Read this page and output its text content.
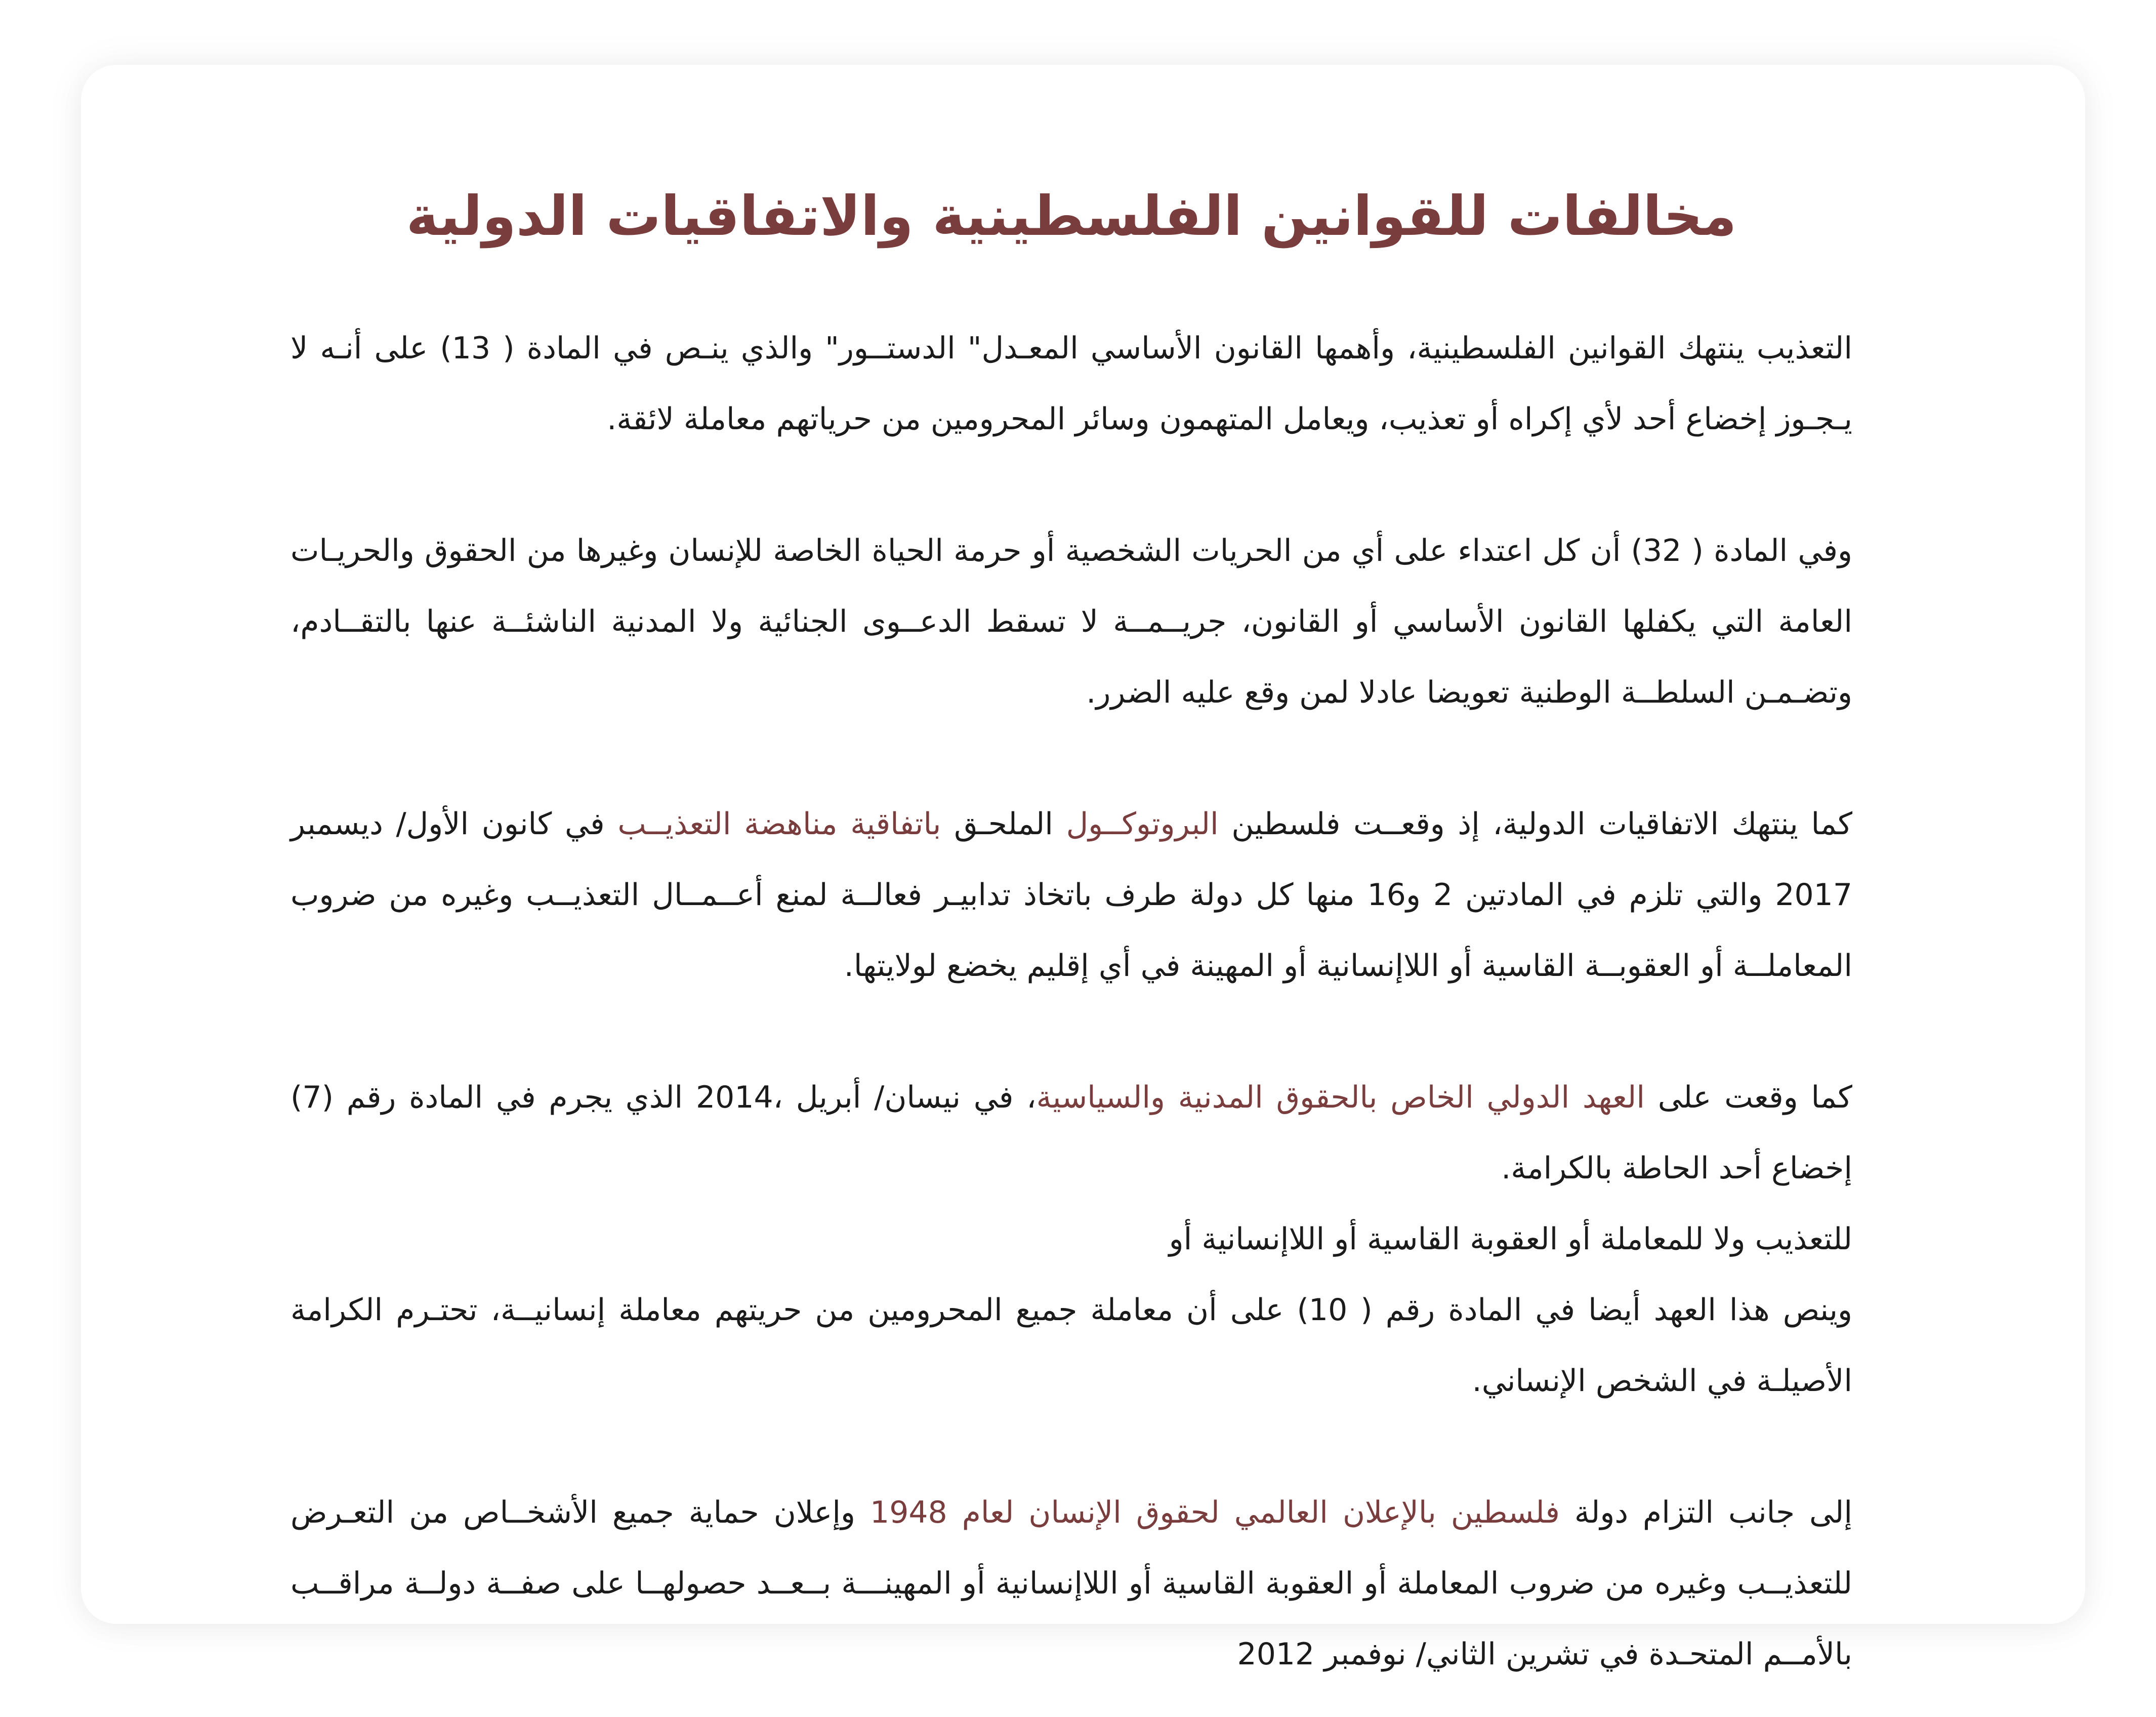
مخالفات للقوانين الفلسطينية والاتفاقيات الدولية

التعذيب ينتهك القوانين الفلسطينية، وأهمها القانون الأساسي المعـدل" الدستــور" والذي ينـص في المادة ( 13) على أنـه لا يـجـوز إخضاع أحد لأي إكراه أو تعذيب، ويعامل المتهمون وسائر المحرومين من حرياتهم معاملة لائقة.

وفي المادة ( 32) أن كل اعتداء على أي من الحريات الشخصية أو حرمة الحياة الخاصة للإنسان وغيرها من الحقوق والحريـات العامة التي يكفلها القانون الأساسي أو القانون، جريــمــة لا تسقط الدعــوى الجنائية ولا المدنية الناشئــة عنها بالتقــادم، وتضـمـن السلطــة الوطنية تعويضا عادلا لمن وقع عليه الضرر.

كما ينتهك الاتفاقيات الدولية، إذ وقعــت فلسطين البروتوكــول الملحـق باتفاقية مناهضة التعذيــب في كانون الأول/ ديسمبر 2017 والتي تلزم في المادتين 2 و16 منها كل دولة طرف باتخاذ تدابيـر فعالــة لمنع أعــمــال التعذيــب وغيره من ضروب المعاملــة أو العقوبــة القاسية أو اللاإنسانية أو المهينة في أي إقليم يخضع لولايتها.

كما وقعت على العهد الدولي الخاص بالحقوق المدنية والسياسية، في نيسان/ أبريل ،2014 الذي يجرم في المادة رقم (7) إخضاع أحد الحاطة بالكرامة.
للتعذيب ولا للمعاملة أو العقوبة القاسية أو اللاإنسانية أو
وينص هذا العهد أيضا في المادة رقم ( 10) على أن معاملة جميع المحرومين من حريتهم معاملة إنسانيــة، تحتـرم الكرامة الأصيلـة في الشخص الإنساني.

إلى جانب التزام دولة فلسطين بالإعلان العالمي لحقوق الإنسان لعام 1948 وإعلان حماية جميع الأشخــاص من التعـرض للتعذيــب وغيره من ضروب المعاملة أو العقوبة القاسية أو اللاإنسانية أو المهينـــة بــعــد حصولهــا على صفــة دولــة مراقــب بالأمــم المتحـدة في تشرين الثاني/ نوفمبر 2012
